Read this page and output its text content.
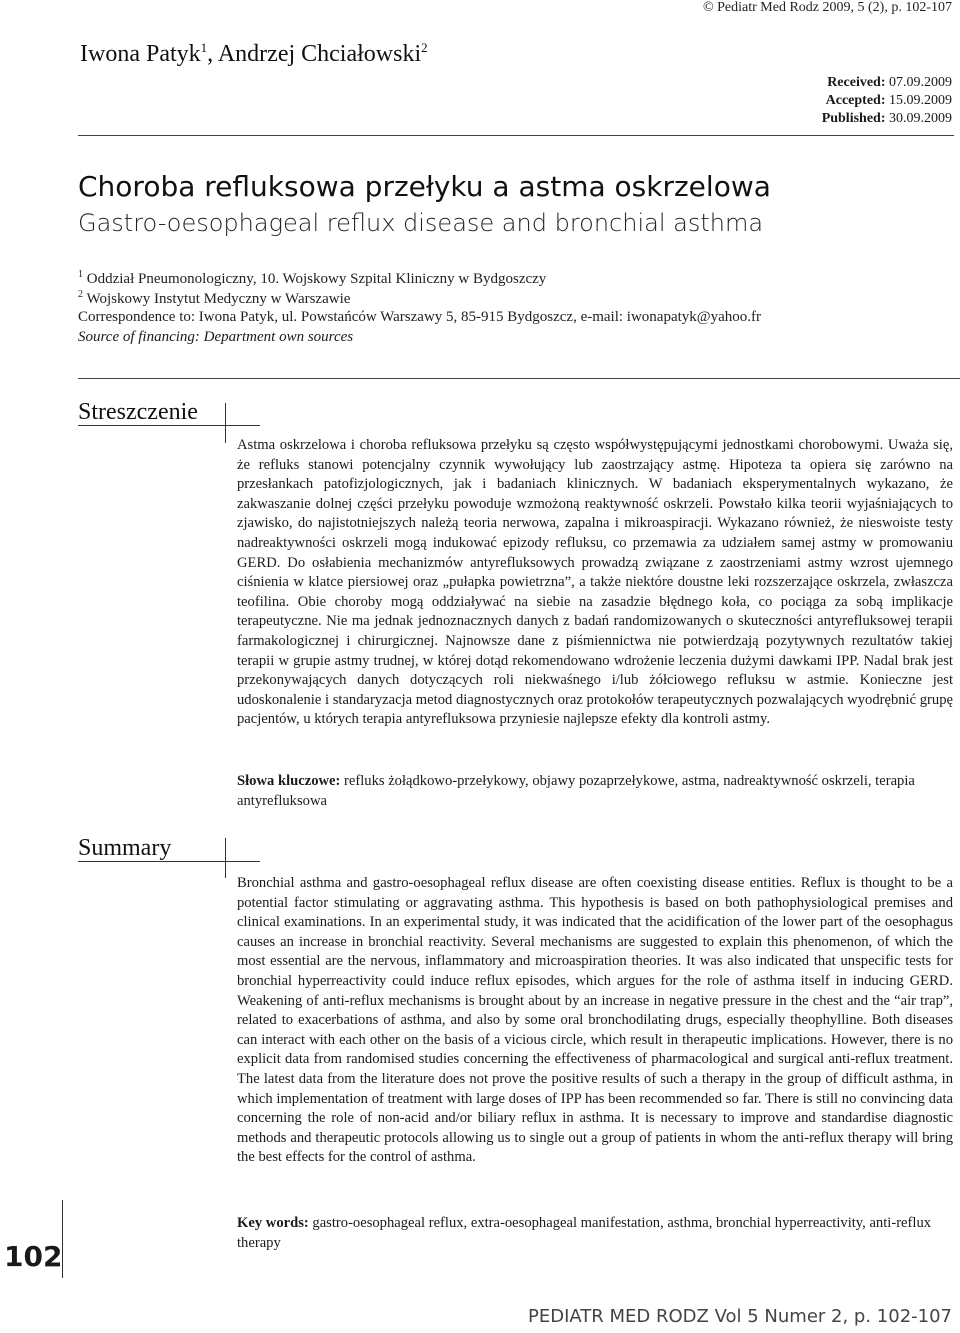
© Pediatr Med Rodz 2009, 5 (2), p. 102-107
Iwona Patyk$^1$, Andrzej Chciałowski$^2$
Received: 07.09.2009
Accepted: 15.09.2009
Published: 30.09.2009
Choroba refluksowa przełyku a astma oskrzelowa
Gastro-oesophageal reflux disease and bronchial asthma
$^1$ Oddział Pneumonologiczny, 10. Wojskowy Szpital Kliniczny w Bydgoszczy
$^2$ Wojskowy Instytut Medyczny w Warszawie
Correspondence to: Iwona Patyk, ul. Powstańców Warszawy 5, 85-915 Bydgoszcz, e-mail: iwonapatyk@yahoo.fr
Source of financing: Department own sources
Streszczenie
Astma oskrzelowa i choroba refluksowa przełyku są często współwystępującymi jednostkami chorobowymi. Uważa się, że refluks stanowi potencjalny czynnik wywołujący lub zaostrzający astmę. Hipoteza ta opiera się zarówno na przesłankach patofizjologicznych, jak i badaniach klinicznych. W badaniach eksperymentalnych wykazano, że zakwaszanie dolnej części przełyku powoduje wzmożoną reaktywność oskrzeli. Powstało kilka teorii wyjaśniających to zjawisko, do najistotniejszych należą teoria nerwowa, zapalna i mikroaspiracji. Wykazano również, że nieswoiste testy nadreaktywności oskrzeli mogą indukować epizody refluksu, co przemawia za udziałem samej astmy w promowaniu GERD. Do osłabienia mechanizmów antyrefluksowych prowadzą związane z zaostrzeniami astmy wzrost ujemnego ciśnienia w klatce piersiowej oraz „pułapka powietrzna”, a także niektóre doustne leki rozszerzające oskrzela, zwłaszcza teofilina. Obie choroby mogą oddziaływać na siebie na zasadzie błędnego koła, co pociąga za sobą implikacje terapeutyczne. Nie ma jednak jednoznacznych danych z badań randomizowanych o skuteczności antyrefluksowej terapii farmakologicznej i chirurgicznej. Najnowsze dane z piśmiennictwa nie potwierdzają pozytywnych rezultatów takiej terapii w grupie astmy trudnej, w której dotąd rekomendowano wdrożenie leczenia dużymi dawkami IPP. Nadal brak jest przekonywających danych dotyczących roli niekwaśnego i/lub żółciowego refluksu w astmie. Konieczne jest udoskonalenie i standaryzacja metod diagnostycznych oraz protokołów terapeutycznych pozwalających wyodrębnić grupę pacjentów, u których terapia antyrefluksowa przyniesie najlepsze efekty dla kontroli astmy.
Słowa kluczowe: refluks żołądkowo-przełykowy, objawy pozaprzełykowe, astma, nadreaktywność oskrzeli, terapia antyrefluksowa
Summary
Bronchial asthma and gastro-oesophageal reflux disease are often coexisting disease entities. Reflux is thought to be a potential factor stimulating or aggravating asthma. This hypothesis is based on both pathophysiological premises and clinical examinations. In an experimental study, it was indicated that the acidification of the lower part of the oesophagus causes an increase in bronchial reactivity. Several mechanisms are suggested to explain this phenomenon, of which the most essential are the nervous, inflammatory and microaspiration theories. It was also indicated that unspecific tests for bronchial hyperreactivity could induce reflux episodes, which argues for the role of asthma itself in inducing GERD. Weakening of anti-reflux mechanisms is brought about by an increase in negative pressure in the chest and the “air trap”, related to exacerbations of asthma, and also by some oral bronchodilating drugs, especially theophylline. Both diseases can interact with each other on the basis of a vicious circle, which result in therapeutic implications. However, there is no explicit data from randomised studies concerning the effectiveness of pharmacological and surgical anti-reflux treatment. The latest data from the literature does not prove the positive results of such a therapy in the group of difficult asthma, in which implementation of treatment with large doses of IPP has been recommended so far. There is still no convincing data concerning the role of non-acid and/or biliary reflux in asthma. It is necessary to improve and standardise diagnostic methods and therapeutic protocols allowing us to single out a group of patients in whom the anti-reflux therapy will bring the best effects for the control of asthma.
Key words: gastro-oesophageal reflux, extra-oesophageal manifestation, asthma, bronchial hyperreactivity, anti-reflux therapy
102
PEDIATR MED RODZ Vol 5 Numer 2, p. 102-107
